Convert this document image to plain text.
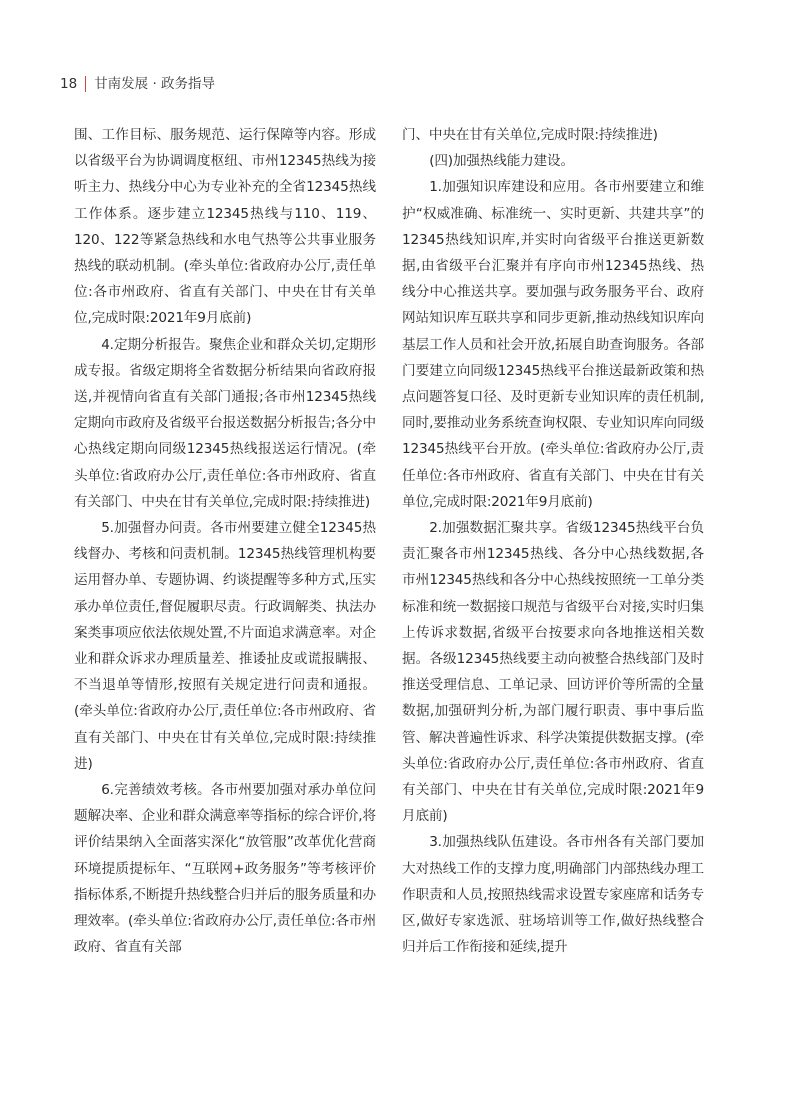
18	甘南发展 · 政务指导

围、工作目标、服务规范、运行保障等内容。形成以省级平台为协调调度枢纽、市州12345热线为接听主力、热线分中心为专业补充的全省12345热线工作体系。逐步建立12345热线与110、119、120、122等紧急热线和水电气热等公共事业服务热线的联动机制。(牵头单位:省政府办公厅,责任单位:各市州政府、省直有关部门、中央在甘有关单位,完成时限:2021年9月底前)

4.定期分析报告。聚焦企业和群众关切,定期形成专报。省级定期将全省数据分析结果向省政府报送,并视情向省直有关部门通报;各市州12345热线定期向市政府及省级平台报送数据分析报告;各分中心热线定期向同级12345热线报送运行情况。(牵头单位:省政府办公厅,责任单位:各市州政府、省直有关部门、中央在甘有关单位,完成时限:持续推进)

5.加强督办问责。各市州要建立健全12345热线督办、考核和问责机制。12345热线管理机构要运用督办单、专题协调、约谈提醒等多种方式,压实承办单位责任,督促履职尽责。行政调解类、执法办案类事项应依法依规处置,不片面追求满意率。对企业和群众诉求办理质量差、推诿扯皮或谎报瞒报、不当退单等情形,按照有关规定进行问责和通报。(牵头单位:省政府办公厅,责任单位:各市州政府、省直有关部门、中央在甘有关单位,完成时限:持续推进)

6.完善绩效考核。各市州要加强对承办单位问题解决率、企业和群众满意率等指标的综合评价,将评价结果纳入全面落实深化“放管服”改革优化营商环境提质提标年、“互联网+政务服务”等考核评价指标体系,不断提升热线整合归并后的服务质量和办理效率。(牵头单位:省政府办公厅,责任单位:各市州政府、省直有关部

门、中央在甘有关单位,完成时限:持续推进)

(四)加强热线能力建设。

1.加强知识库建设和应用。各市州要建立和维护“权威准确、标准统一、实时更新、共建共享”的12345热线知识库,并实时向省级平台推送更新数据,由省级平台汇聚并有序向市州12345热线、热线分中心推送共享。要加强与政务服务平台、政府网站知识库互联共享和同步更新,推动热线知识库向基层工作人员和社会开放,拓展自助查询服务。各部门要建立向同级12345热线平台推送最新政策和热点问题答复口径、及时更新专业知识库的责任机制,同时,要推动业务系统查询权限、专业知识库向同级12345热线平台开放。(牵头单位:省政府办公厅,责任单位:各市州政府、省直有关部门、中央在甘有关单位,完成时限:2021年9月底前)

2.加强数据汇聚共享。省级12345热线平台负责汇聚各市州12345热线、各分中心热线数据,各市州12345热线和各分中心热线按照统一工单分类标准和统一数据接口规范与省级平台对接,实时归集上传诉求数据,省级平台按要求向各地推送相关数据。各级12345热线要主动向被整合热线部门及时推送受理信息、工单记录、回访评价等所需的全量数据,加强研判分析,为部门履行职责、事中事后监管、解决普遍性诉求、科学决策提供数据支撑。(牵头单位:省政府办公厅,责任单位:各市州政府、省直有关部门、中央在甘有关单位,完成时限:2021年9月底前)

3.加强热线队伍建设。各市州各有关部门要加大对热线工作的支撑力度,明确部门内部热线办理工作职责和人员,按照热线需求设置专家座席和话务专区,做好专家选派、驻场培训等工作,做好热线整合归并后工作衔接和延续,提升
